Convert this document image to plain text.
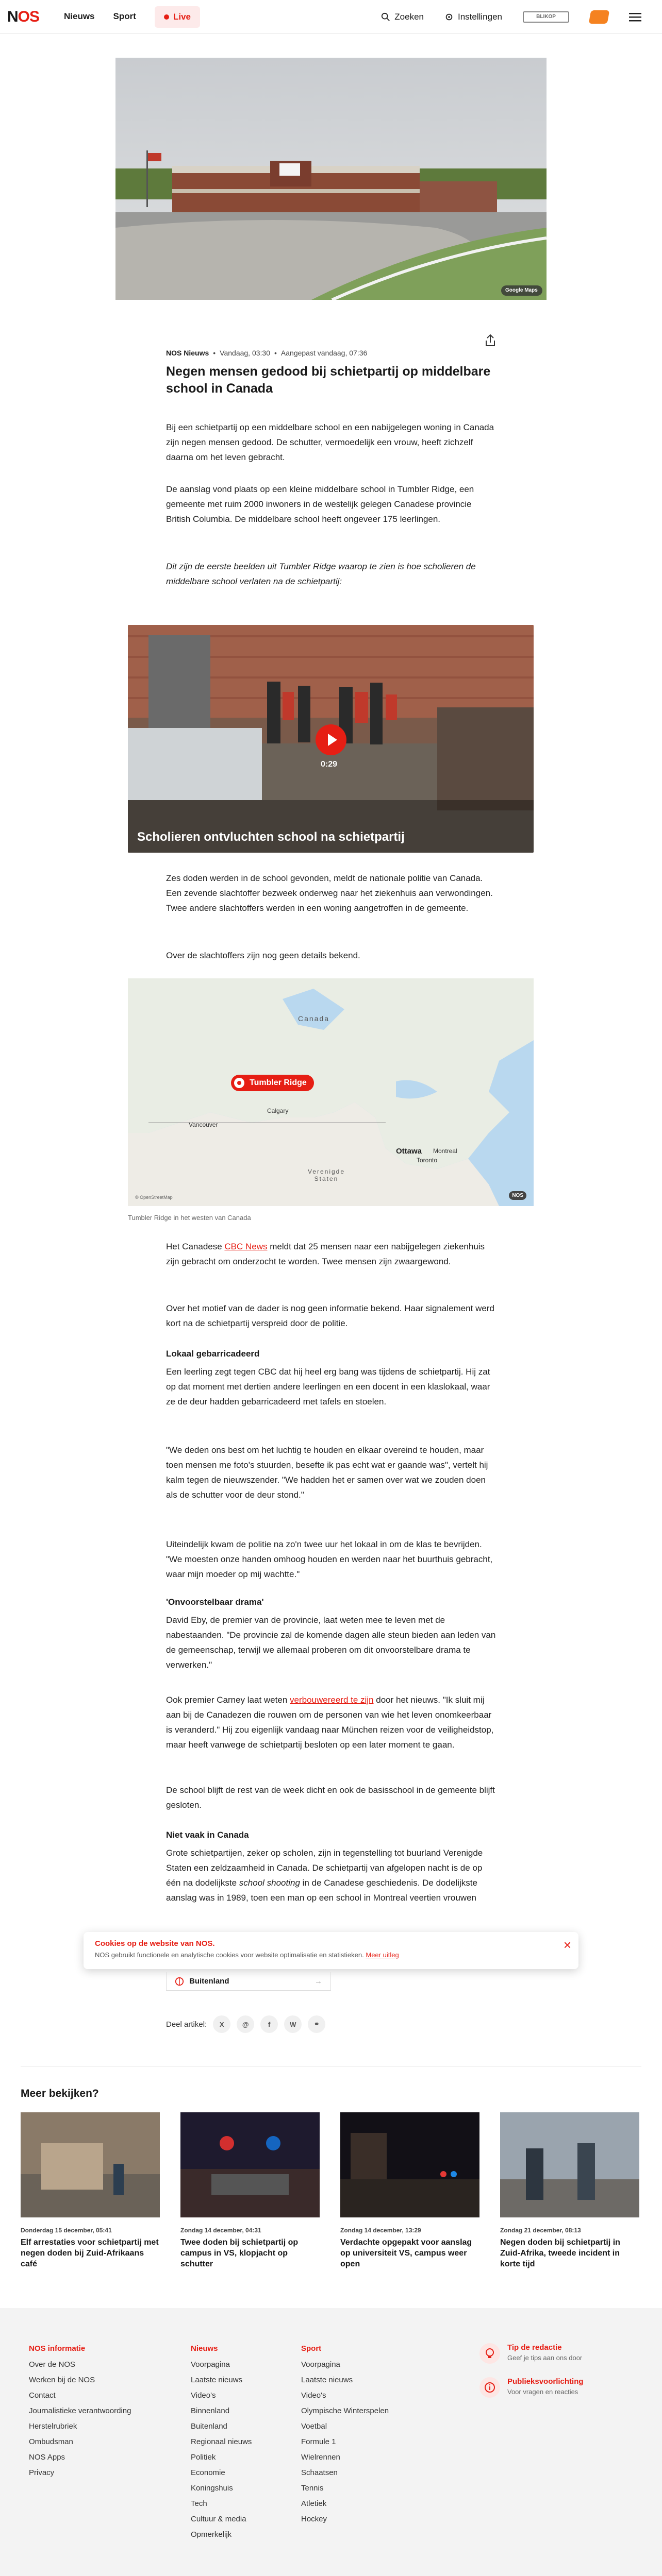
NOS	Nieuws Sport	Live	Zoeken	Instellingen	BLIKOP
Google Maps
NOS Nieuws • Vandaag, 03:30 • Aangepast vandaag, 07:36
Negen mensen gedood bij schietpartij op middelbare school in Canada

Bij een schietpartij op een middelbare school en een nabijgelegen woning in Canada zijn negen mensen gedood. De schutter, vermoedelijk een vrouw, heeft zichzelf daarna om het leven gebracht.

De aanslag vond plaats op een kleine middelbare school in Tumbler Ridge, een gemeente met ruim 2000 inwoners in de westelijk gelegen Canadese provincie British Columbia. De middelbare school heeft ongeveer 175 leerlingen.

Dit zijn de eerste beelden uit Tumbler Ridge waarop te zien is hoe scholieren de middelbare school verlaten na de schietpartij:

0:29
Scholieren ontvluchten school na schietpartij

Zes doden werden in de school gevonden, meldt de nationale politie van Canada. Een zevende slachtoffer bezweek onderweg naar het ziekenhuis aan verwondingen. Twee andere slachtoffers werden in een woning aangetroffen in de gemeente.

Over de slachtoffers zijn nog geen details bekend.

Canada
Verenigde Staten
Tumbler Ridge
Calgary
Vancouver
Ottawa Montreal
Toronto
© OpenStreetMap	NOS
Tumbler Ridge in het westen van Canada

Het Canadese CBC News meldt dat 25 mensen naar een nabijgelegen ziekenhuis zijn gebracht om onderzocht te worden. Twee mensen zijn zwaargewond.

Over het motief van de dader is nog geen informatie bekend. Haar signalement werd kort na de schietpartij verspreid door de politie.

Lokaal gebarricadeerd

Een leerling zegt tegen CBC dat hij heel erg bang was tijdens de schietpartij. Hij zat op dat moment met dertien andere leerlingen en een docent in een klaslokaal, waar ze de deur hadden gebarricadeerd met tafels en stoelen.

"We deden ons best om het luchtig te houden en elkaar overeind te houden, maar toen mensen me foto's stuurden, besefte ik pas echt wat er gaande was", vertelt hij kalm tegen de nieuwszender. "We hadden het er samen over wat we zouden doen als de schutter voor de deur stond."

Uiteindelijk kwam de politie na zo'n twee uur het lokaal in om de klas te bevrijden. "We moesten onze handen omhoog houden en werden naar het buurthuis gebracht, waar mijn moeder op mij wachtte."

'Onvoorstelbaar drama'

David Eby, de premier van de provincie, laat weten mee te leven met de nabestaanden. "De provincie zal de komende dagen alle steun bieden aan leden van de gemeenschap, terwijl we allemaal proberen om dit onvoorstelbare drama te verwerken."

Ook premier Carney laat weten verbouwereerd te zijn door het nieuws. "Ik sluit mij aan bij de Canadezen die rouwen om de personen van wie het leven onomkeerbaar is veranderd." Hij zou eigenlijk vandaag naar München reizen voor de veiligheidstop, maar heeft vanwege de schietpartij besloten op een later moment te gaan.

De school blijft de rest van de week dicht en ook de basisschool in de gemeente blijft gesloten.

Niet vaak in Canada

Grote schietpartijen, zeker op scholen, zijn in tegenstelling tot buurland Verenigde Staten een zeldzaamheid in Canada. De schietpartij van afgelopen nacht is de op één na dodelijkste school shooting in de Canadese geschiedenis. De dodelijkste aanslag was in 1989, toen een man op een school in Montreal veertien vrouwen

Cookies op de website van NOS.
NOS gebruikt functionele en analytische cookies voor website optimalisatie en statistieken. Meer uitleg
×
Buitenland	→
Deel artikel:	X	@	f	W	⚭
Meer bekijken?
Donderdag 15 december, 05:41
Elf arrestaties voor schietpartij met negen doden bij Zuid-Afrikaans café
Zondag 14 december, 04:31
Twee doden bij schietpartij op campus in VS, klopjacht op schutter
Zondag 14 december, 13:29
Verdachte opgepakt voor aanslag op universiteit VS, campus weer open
Zondag 21 december, 08:13
Negen doden bij schietpartij in Zuid-Afrika, tweede incident in korte tijd
NOS informatie
Over de NOS
Werken bij de NOS
Contact
Journalistieke verantwoording
Herstelrubriek
Ombudsman
NOS Apps
Privacy
Nieuws
Voorpagina
Laatste nieuws
Video's
Binnenland
Buitenland
Regionaal nieuws
Politiek
Economie
Koningshuis
Tech
Cultuur & media
Opmerkelijk
Sport
Voorpagina
Laatste nieuws
Video's
Olympische Winterspelen
Voetbal
Formule 1
Wielrennen
Schaatsen
Tennis
Atletiek
Hockey
Tip de redactie
Geef je tips aan ons door
Publieksvoorlichting
Voor vragen en reacties
